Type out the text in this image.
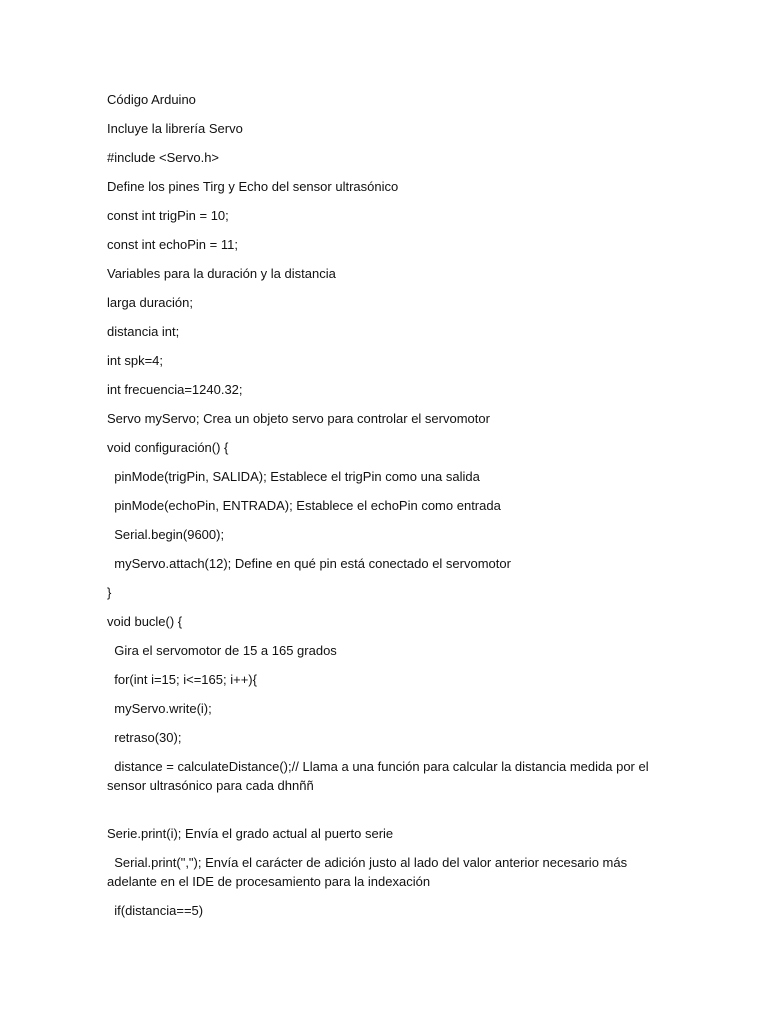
Código Arduino
Incluye la librería Servo
#include <Servo.h>
Define los pines Tirg y Echo del sensor ultrasónico
const int trigPin = 10;
const int echoPin = 11;
Variables para la duración y la distancia
larga duración;
distancia int;
int spk=4;
int frecuencia=1240.32;
Servo myServo; Crea un objeto servo para controlar el servomotor
void configuración() {
pinMode(trigPin, SALIDA); Establece el trigPin como una salida
pinMode(echoPin, ENTRADA); Establece el echoPin como entrada
Serial.begin(9600);
myServo.attach(12); Define en qué pin está conectado el servomotor
}
void bucle() {
Gira el servomotor de 15 a 165 grados
for(int i=15; i<=165; i++){
myServo.write(i);
retraso(30);
distance = calculateDistance();// Llama a una función para calcular la distancia medida por el sensor ultrasónico para cada dhnññ
Serie.print(i); Envía el grado actual al puerto serie
Serial.print(","); Envía el carácter de adición justo al lado del valor anterior necesario más adelante en el IDE de procesamiento para la indexación
if(distancia==5)
